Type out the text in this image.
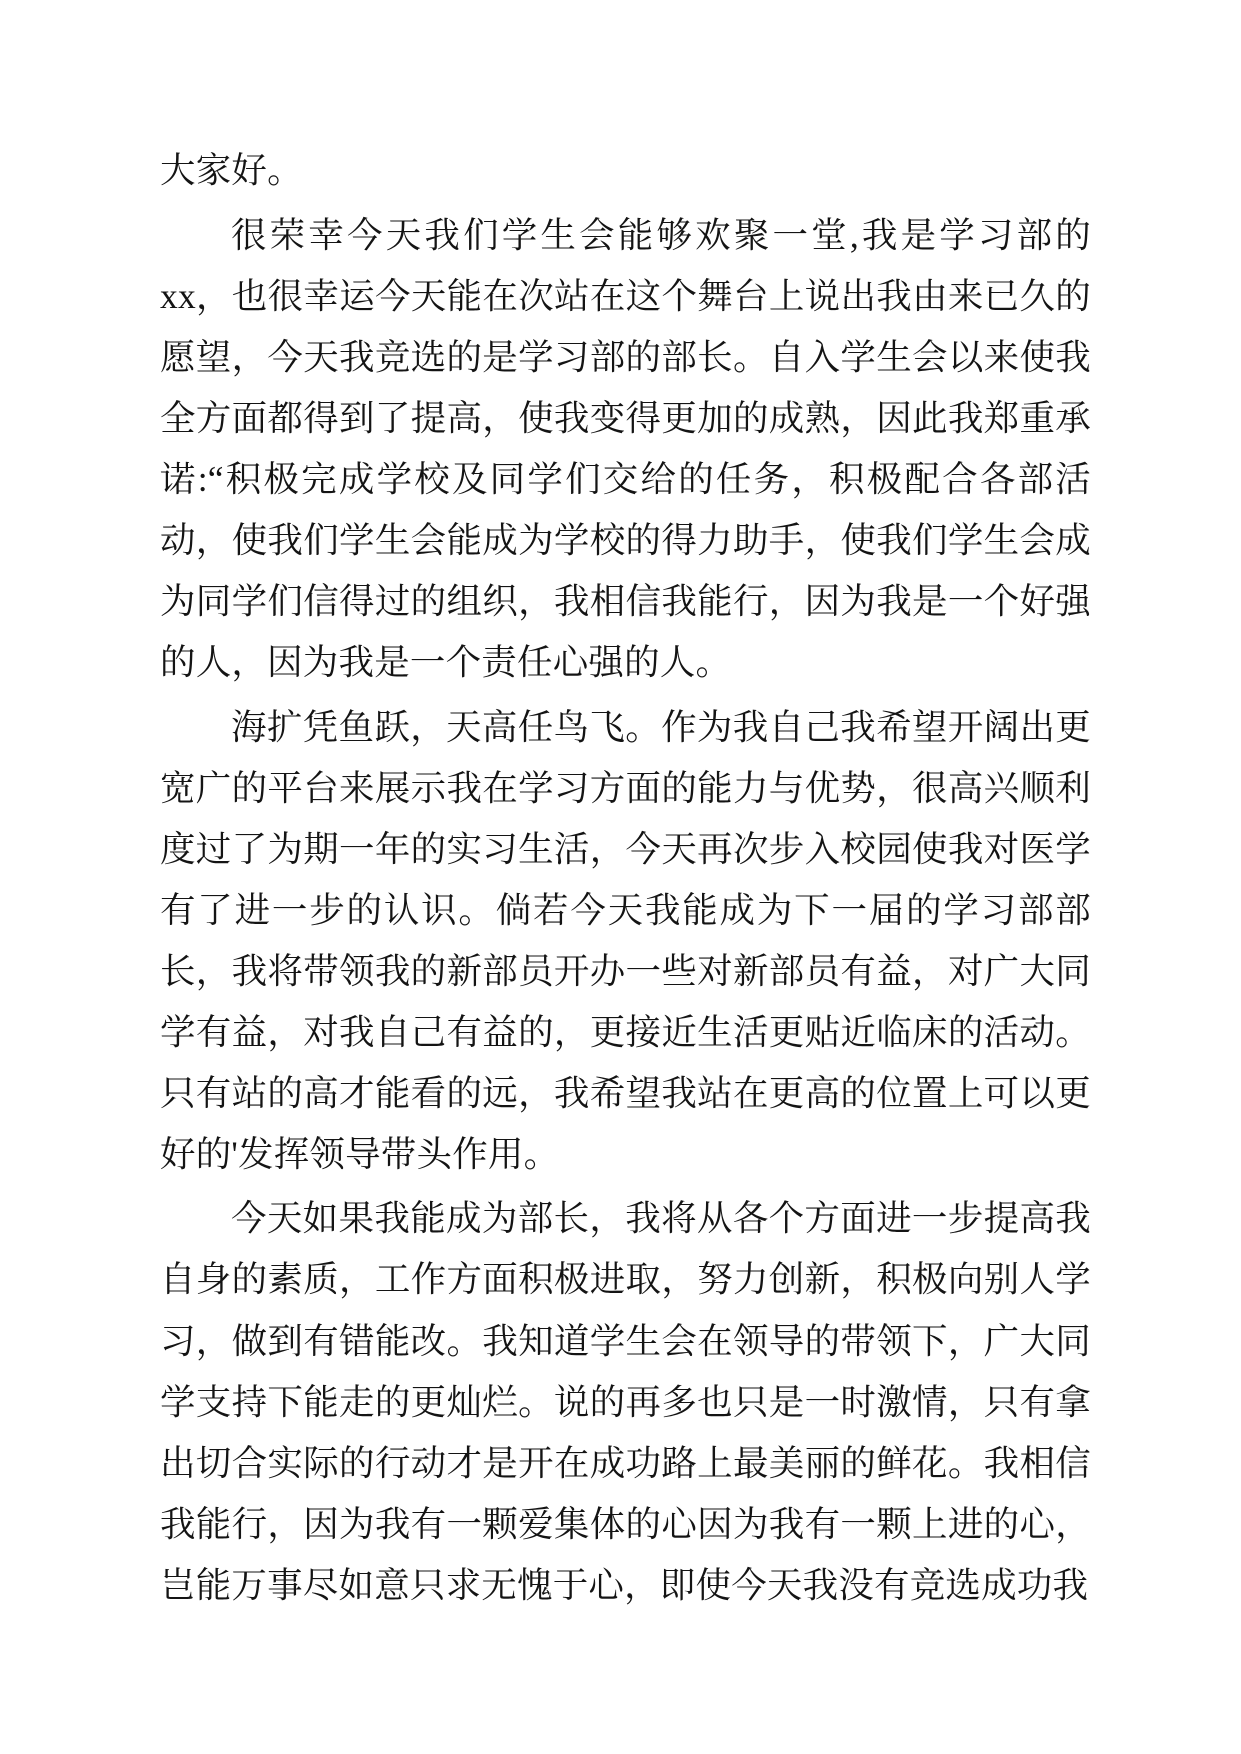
大家好。

很荣幸今天我们学生会能够欢聚一堂,我是学习部的xx，也很幸运今天能在次站在这个舞台上说出我由来已久的愿望，今天我竞选的是学习部的部长。自入学生会以来使我全方面都得到了提高，使我变得更加的成熟，因此我郑重承诺:“积极完成学校及同学们交给的任务，积极配合各部活动，使我们学生会能成为学校的得力助手，使我们学生会成为同学们信得过的组织，我相信我能行，因为我是一个好强的人，因为我是一个责任心强的人。

海扩凭鱼跃，天高任鸟飞。作为我自己我希望开阔出更宽广的平台来展示我在学习方面的能力与优势，很高兴顺利度过了为期一年的实习生活，今天再次步入校园使我对医学有了进一步的认识。倘若今天我能成为下一届的学习部部长，我将带领我的新部员开办一些对新部员有益，对广大同学有益，对我自己有益的，更接近生活更贴近临床的活动。只有站的高才能看的远，我希望我站在更高的位置上可以更好的'发挥领导带头作用。

今天如果我能成为部长，我将从各个方面进一步提高我自身的素质，工作方面积极进取，努力创新，积极向别人学习，做到有错能改。我知道学生会在领导的带领下，广大同学支持下能走的更灿烂。说的再多也只是一时激情，只有拿出切合实际的行动才是开在成功路上最美丽的鲜花。我相信我能行，因为我有一颗爱集体的心因为我有一颗上进的心，岂能万事尽如意只求无愧于心，即使今天我没有竞选成功我
